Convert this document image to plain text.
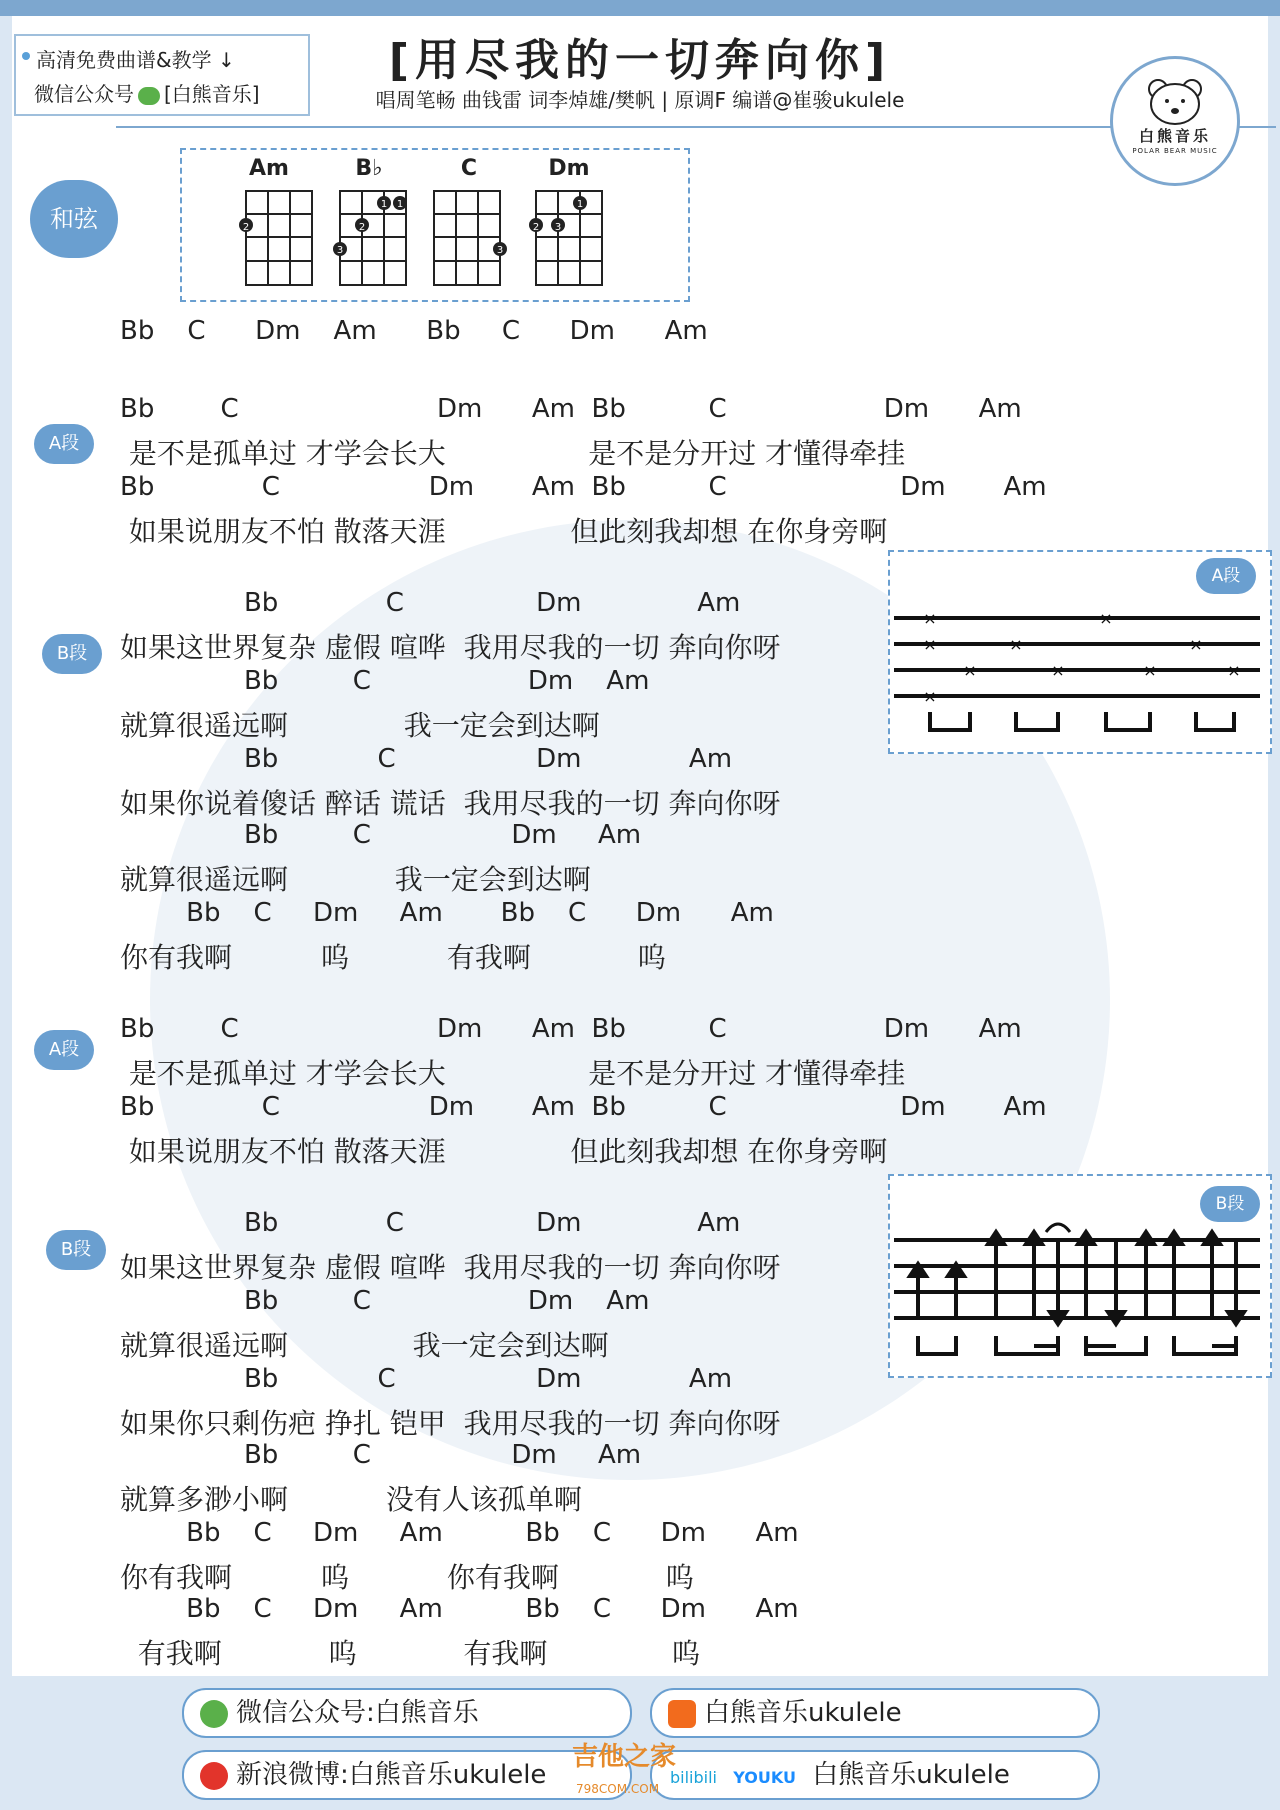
高清免费曲谱&教学 ↓
微信公众号 [白熊音乐]
[用尽我的一切奔向你]
唱周笔畅 曲钱雷 词李焯雄/樊帆 | 原调F 编谱@崔骏ukulele
白熊音乐
POLAR BEAR MUSIC
和弦
Am
2
B♭
1 1
2
3
C
3
Dm
1
2 3
Bb    C      Dm    Am      Bb     C      Dm      Am
A段
B段
A段
B段
Bb        C                        Dm      Am  Bb          C                   Dm      Am
是不是孤单过 才学会长大                是不是分开过 才懂得牵挂
Bb             C                  Dm       Am  Bb          C                     Dm       Am
如果说朋友不怕 散落天涯              但此刻我却想 在你身旁啊
Bb             C                Dm              Am
如果这世界复杂 虚假 喧哗  我用尽我的一切 奔向你呀
Bb         C                   Dm    Am
就算很遥远啊             我一定会到达啊
Bb            C                 Dm             Am
如果你说着傻话 醉话 谎话  我用尽我的一切 奔向你呀
Bb         C                 Dm     Am
就算很遥远啊            我一定会到达啊
Bb    C     Dm     Am       Bb    C      Dm      Am
你有我啊          呜           有我啊            呜
Bb        C                        Dm      Am  Bb          C                   Dm      Am
是不是孤单过 才学会长大                是不是分开过 才懂得牵挂
Bb             C                  Dm       Am  Bb          C                     Dm       Am
如果说朋友不怕 散落天涯              但此刻我却想 在你身旁啊
Bb             C                Dm              Am
如果这世界复杂 虚假 喧哗  我用尽我的一切 奔向你呀
Bb         C                   Dm    Am
就算很遥远啊              我一定会到达啊
Bb            C                 Dm             Am
如果你只剩伤疤 挣扎 铠甲  我用尽我的一切 奔向你呀
Bb         C                 Dm     Am
就算多渺小啊           没有人该孤单啊
Bb    C     Dm     Am          Bb    C      Dm      Am
你有我啊          呜           你有我啊            呜
Bb    C     Dm     Am          Bb    C      Dm      Am
有我啊            呜            有我啊              呜
A段
×
×
×
×
×
×
×
×
×
×
B段
微信公众号:白熊音乐	白熊音乐ukulele
新浪微博:白熊音乐ukulele	bilibili YOUKU 白熊音乐ukulele
吉他之家
798COM.COM
